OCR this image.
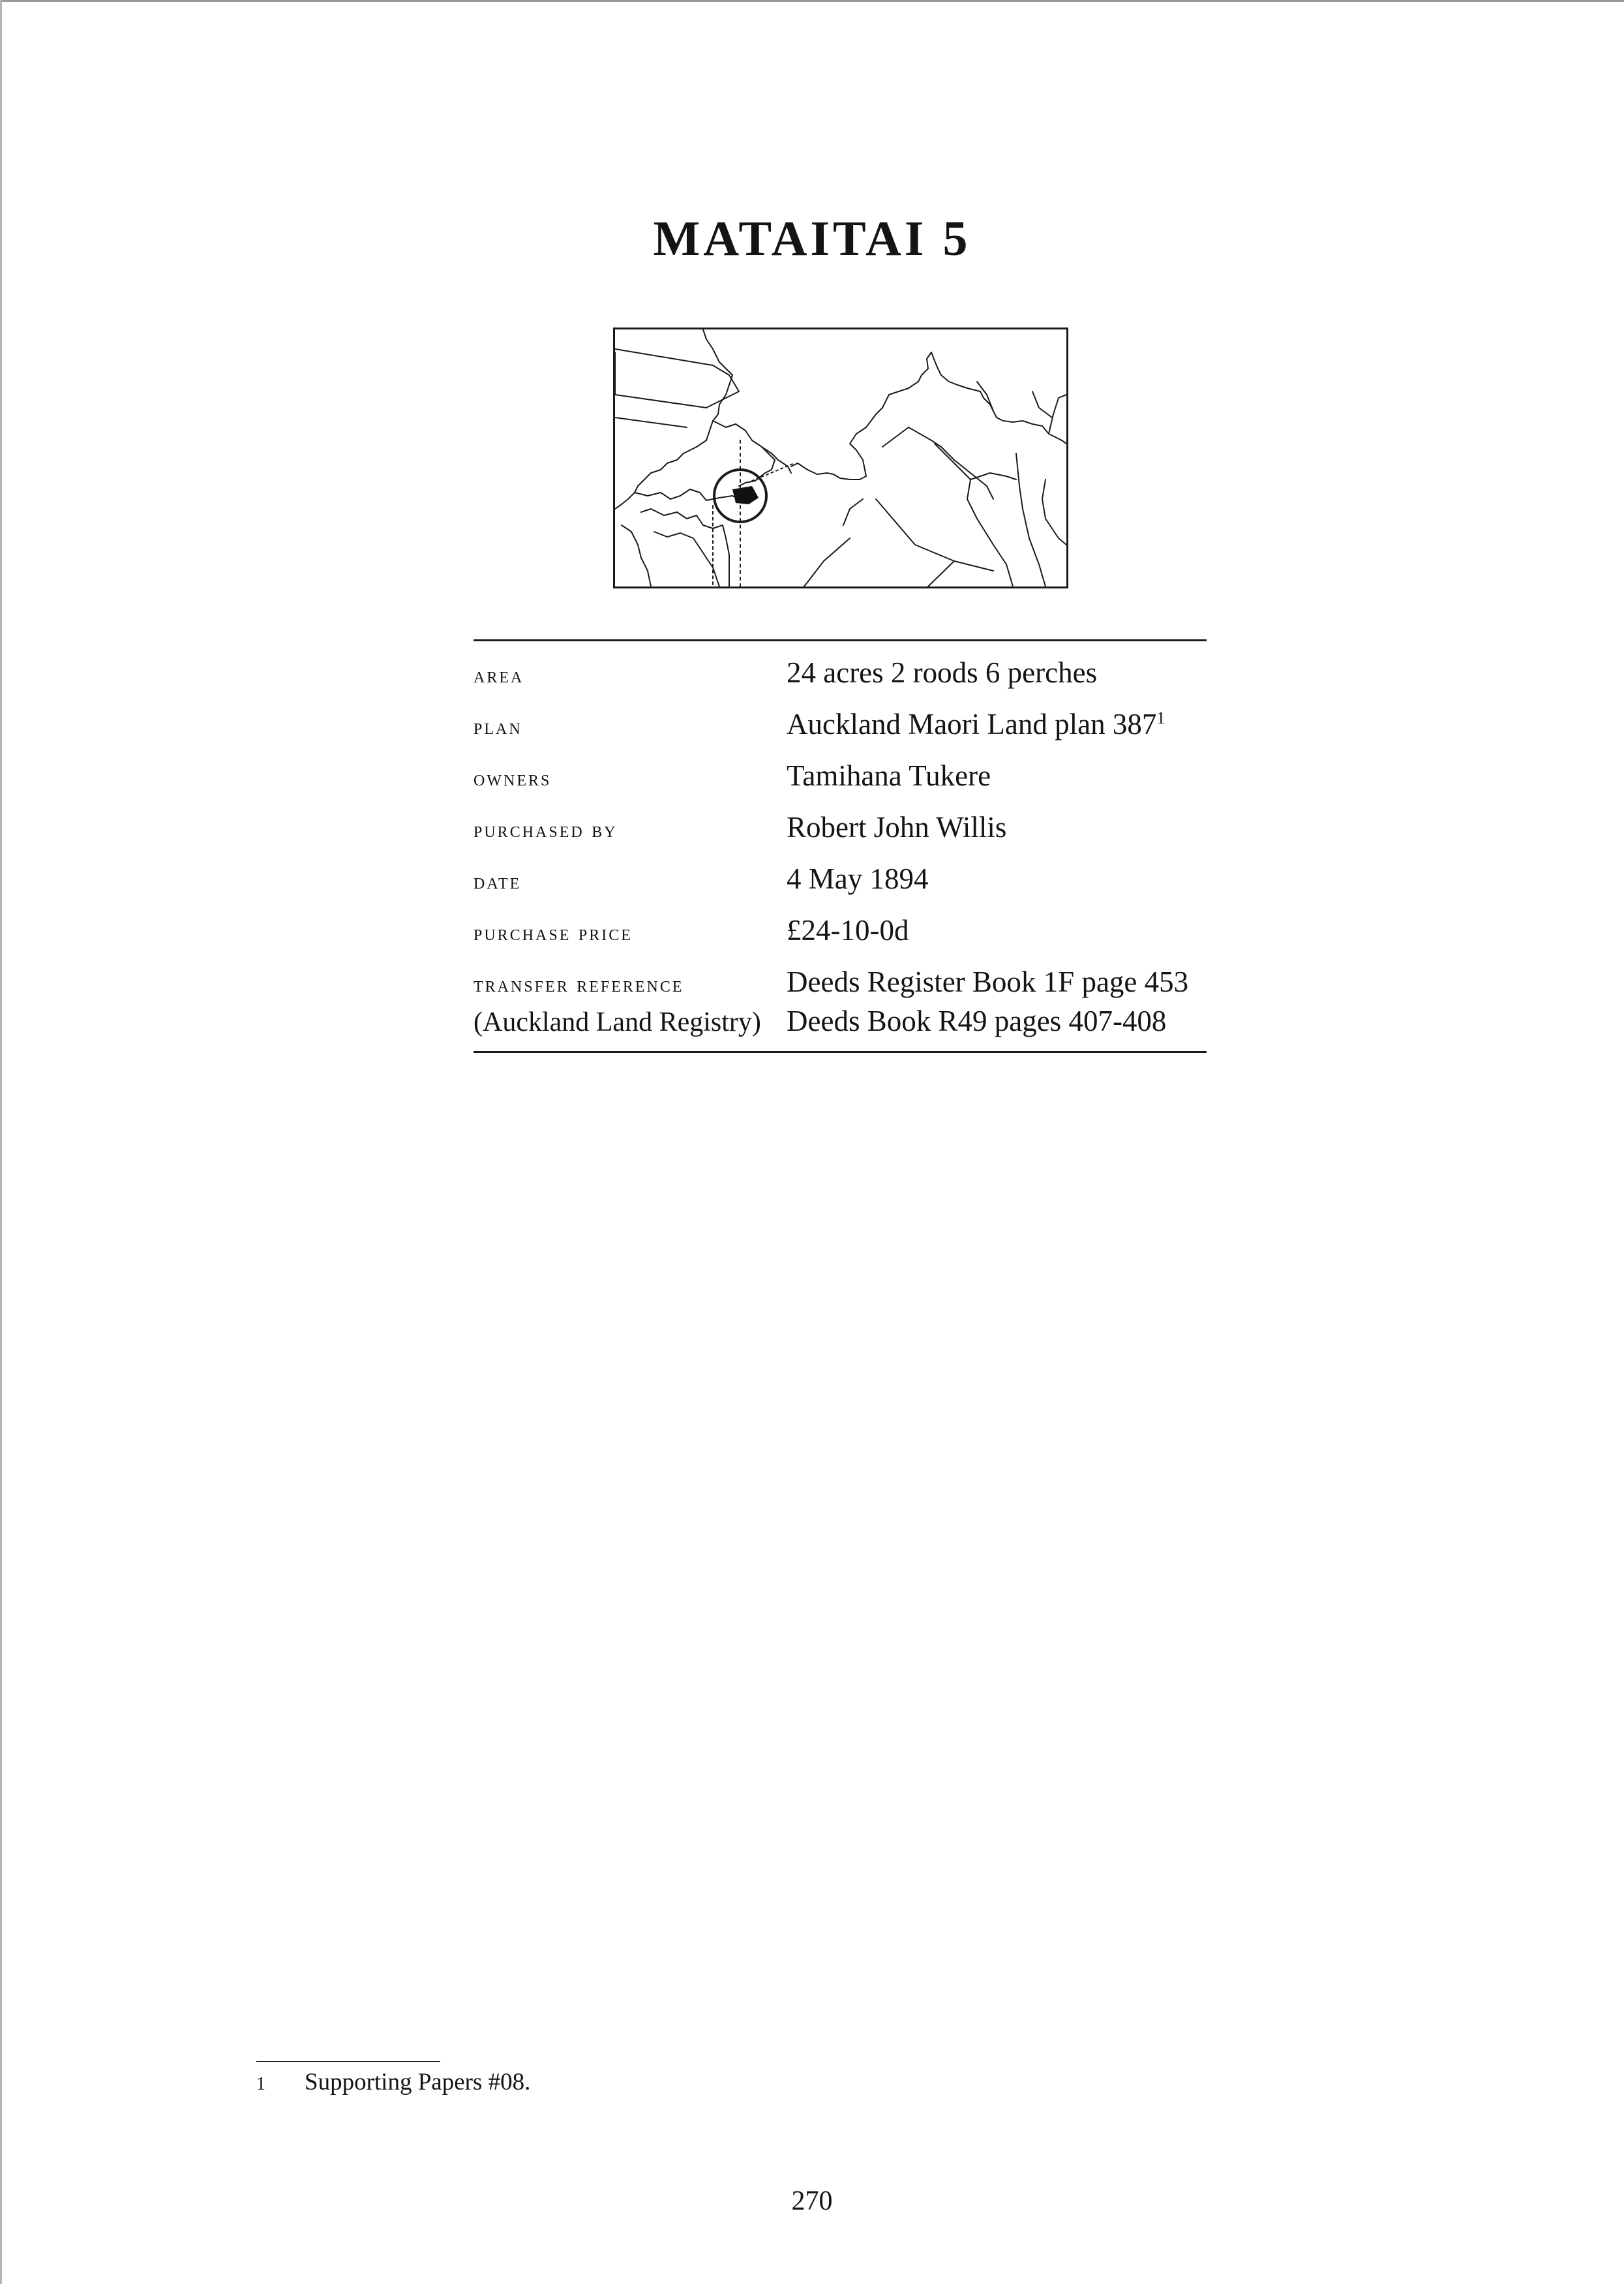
MATAITAI 5
area	24 acres 2 roods 6 perches
plan	Auckland Maori Land plan $387^1$
owners	Tamihana Tukere
purchased by	Robert John Willis
date	4 May 1894
purchase price	£24-10-0d
transfer reference	Deeds Register Book 1F page 453
(Auckland Land Registry) Deeds Book R49 pages 407-408
1	Supporting Papers #08.
270
